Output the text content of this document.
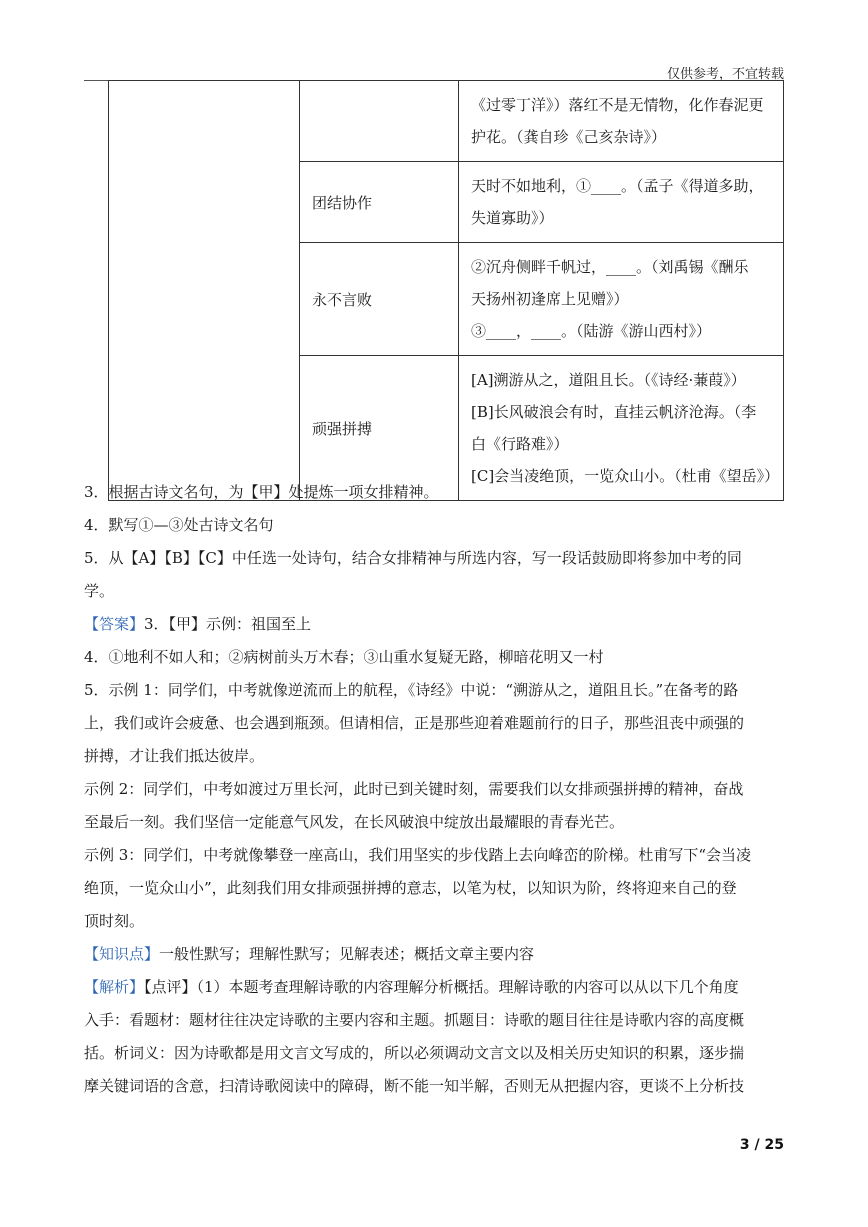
仅供参考，不宜转载

		《过零丁洋》）落红不是无情物，化作春泥更
护花。（龚自珍《己亥杂诗》）

	团结协作	天时不如地利，①____。（孟子《得道多助，
失道寡助》）

	永不言败	②沉舟侧畔千帆过，____。（刘禹锡《酬乐
天扬州初逢席上见赠》）
③____，____。（陆游《游山西村》）

	顽强拼搏	[A]溯游从之，道阻且长。（《诗经·蒹葭》）
[B]长风破浪会有时，直挂云帆济沧海。（李
白《行路难》）
[C]会当凌绝顶，一览众山小。（杜甫《望岳》）
3．根据古诗文名句，为【甲】处提炼一项女排精神。
4．默写①—③处古诗文名句
5．从【A】【B】【C】中任选一处诗句，结合女排精神与所选内容，写一段话鼓励即将参加中考的同
学。
【答案】3．【甲】示例：祖国至上
4．①地利不如人和；②病树前头万木春；③山重水复疑无路，柳暗花明又一村
5．示例 1：同学们，中考就像逆流而上的航程，《诗经》中说：“溯游从之，道阻且长。”在备考的路
上，我们或许会疲惫、也会遇到瓶颈。但请相信，正是那些迎着难题前行的日子，那些沮丧中顽强的
拼搏，才让我们抵达彼岸。
示例 2：同学们，中考如渡过万里长河，此时已到关键时刻，需要我们以女排顽强拼搏的精神，奋战
至最后一刻。我们坚信一定能意气风发，在长风破浪中绽放出最耀眼的青春光芒。
示例 3：同学们，中考就像攀登一座高山，我们用坚实的步伐踏上去向峰峦的阶梯。杜甫写下“会当凌
绝顶，一览众山小”，此刻我们用女排顽强拼搏的意志，以笔为杖，以知识为阶，终将迎来自己的登
顶时刻。
【知识点】一般性默写；理解性默写；见解表述；概括文章主要内容
【解析】【点评】（1）本题考查理解诗歌的内容理解分析概括。理解诗歌的内容可以从以下几个角度
入手：看题材：题材往往决定诗歌的主要内容和主题。抓题目：诗歌的题目往往是诗歌内容的高度概
括。析词义：因为诗歌都是用文言文写成的，所以必须调动文言文以及相关历史知识的积累，逐步揣
摩关键词语的含意，扫清诗歌阅读中的障碍，断不能一知半解，否则无从把握内容，更谈不上分析技
3 / 25
